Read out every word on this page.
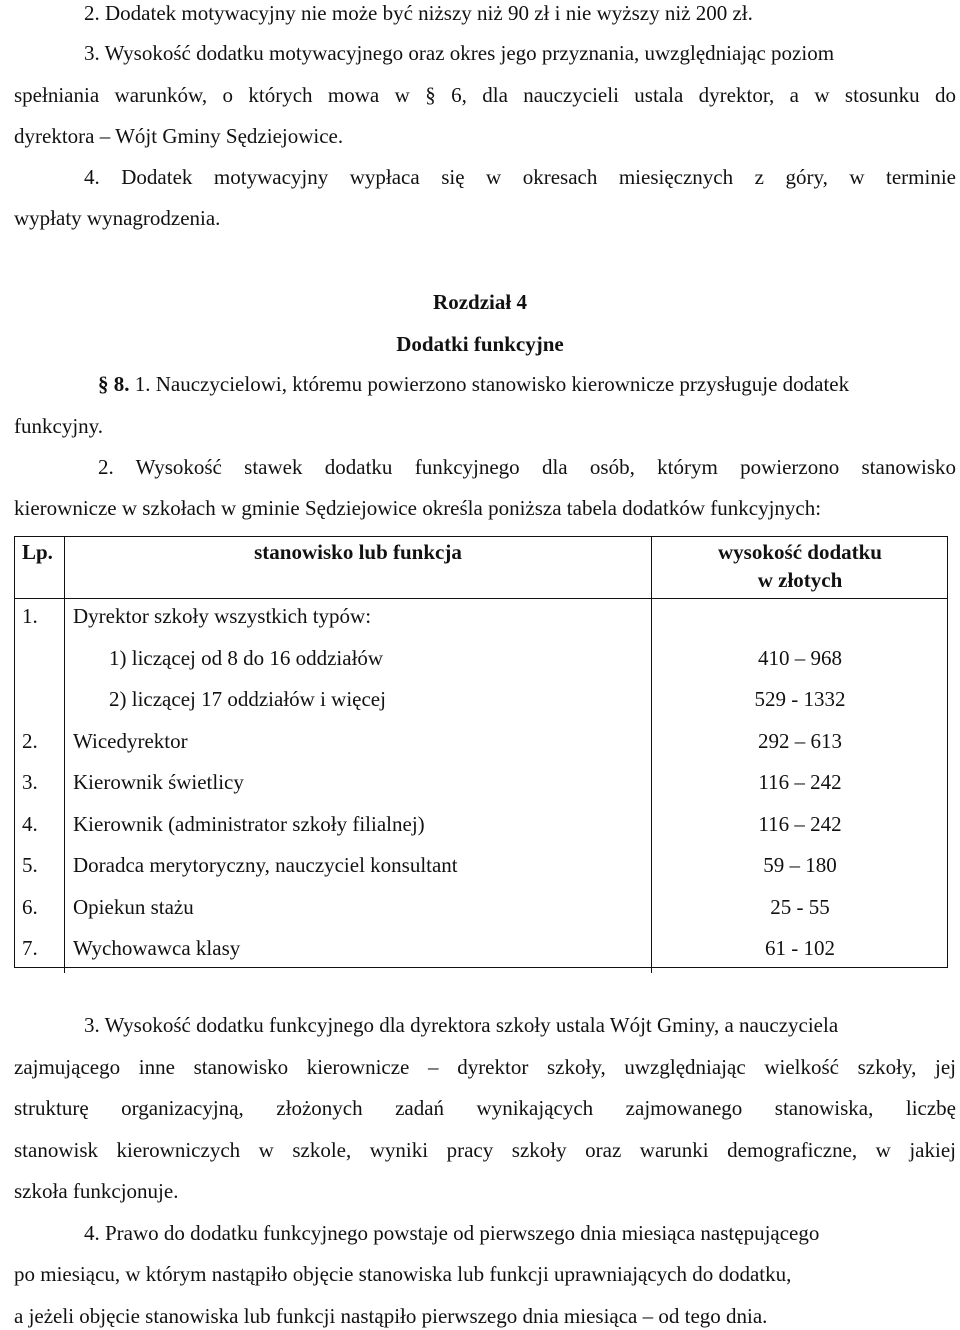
2. Dodatek motywacyjny nie może być niższy niż 90 zł i nie wyższy niż 200 zł.
3. Wysokość dodatku motywacyjnego oraz okres jego przyznania, uwzględniając poziom
spełniania warunków, o których mowa w § 6, dla nauczycieli ustala dyrektor, a w stosunku do
dyrektora – Wójt Gminy Sędziejowice.
4. Dodatek motywacyjny wypłaca się w okresach miesięcznych z góry, w terminie
wypłaty wynagrodzenia.
Rozdział 4
Dodatki funkcyjne
§ 8. 1. Nauczycielowi, któremu powierzono stanowisko kierownicze przysługuje dodatek
funkcyjny.
2. Wysokość stawek dodatku funkcyjnego dla osób, którym powierzono stanowisko
kierownicze w szkołach w gminie Sędziejowice określa poniższa tabela dodatków funkcyjnych:
Lp.	stanowisko lub funkcja	wysokość dodatku
w złotych

1.	Dyrektor szkoły wszystkich typów:	
	1) liczącej od 8 do 16 oddziałów	410 – 968
	2) liczącej 17 oddziałów i więcej	529 - 1332
2.	Wicedyrektor	292 – 613
3.	Kierownik świetlicy	116 – 242
4.	Kierownik (administrator szkoły filialnej)	116 – 242
5.	Doradca merytoryczny, nauczyciel konsultant	59 – 180
6.	Opiekun stażu	25 - 55
7.	Wychowawca klasy	61 - 102
3. Wysokość dodatku funkcyjnego dla dyrektora szkoły ustala Wójt Gminy, a nauczyciela
zajmującego inne stanowisko kierownicze – dyrektor szkoły, uwzględniając wielkość szkoły, jej
strukturę organizacyjną, złożonych zadań wynikających zajmowanego stanowiska, liczbę
stanowisk kierowniczych w szkole, wyniki pracy szkoły oraz warunki demograficzne, w jakiej
szkoła funkcjonuje.
4. Prawo do dodatku funkcyjnego powstaje od pierwszego dnia miesiąca następującego
po miesiącu, w którym nastąpiło objęcie stanowiska lub funkcji uprawniających do dodatku,
a jeżeli objęcie stanowiska lub funkcji nastąpiło pierwszego dnia miesiąca – od tego dnia.
